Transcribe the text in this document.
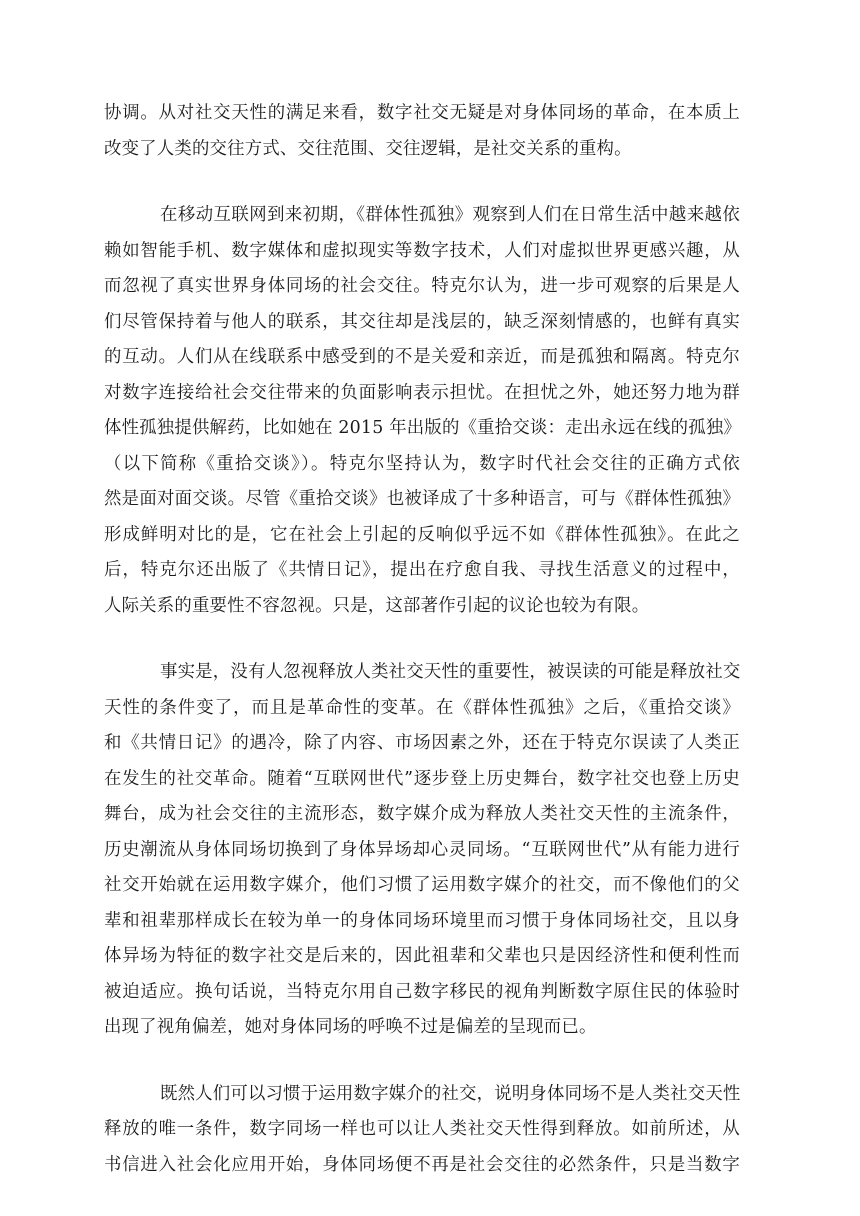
协调。从对社交天性的满足来看，数字社交无疑是对身体同场的革命，在本质上
改变了人类的交往方式、交往范围、交往逻辑，是社交关系的重构。
在移动互联网到来初期，《群体性孤独》观察到人们在日常生活中越来越依
赖如智能手机、数字媒体和虚拟现实等数字技术，人们对虚拟世界更感兴趣，从
而忽视了真实世界身体同场的社会交往。特克尔认为，进一步可观察的后果是人
们尽管保持着与他人的联系，其交往却是浅层的，缺乏深刻情感的，也鲜有真实
的互动。人们从在线联系中感受到的不是关爱和亲近，而是孤独和隔离。特克尔
对数字连接给社会交往带来的负面影响表示担忧。在担忧之外，她还努力地为群
体性孤独提供解药，比如她在 2015 年出版的《重拾交谈：走出永远在线的孤独》
（以下简称《重拾交谈》）。特克尔坚持认为，数字时代社会交往的正确方式依
然是面对面交谈。尽管《重拾交谈》也被译成了十多种语言，可与《群体性孤独》
形成鲜明对比的是，它在社会上引起的反响似乎远不如《群体性孤独》。在此之
后，特克尔还出版了《共情日记》，提出在疗愈自我、寻找生活意义的过程中，
人际关系的重要性不容忽视。只是，这部著作引起的议论也较为有限。
事实是，没有人忽视释放人类社交天性的重要性，被误读的可能是释放社交
天性的条件变了，而且是革命性的变革。在《群体性孤独》之后，《重拾交谈》
和《共情日记》的遇冷，除了内容、市场因素之外，还在于特克尔误读了人类正
在发生的社交革命。随着“互联网世代”逐步登上历史舞台，数字社交也登上历史
舞台，成为社会交往的主流形态，数字媒介成为释放人类社交天性的主流条件，
历史潮流从身体同场切换到了身体异场却心灵同场。“互联网世代”从有能力进行
社交开始就在运用数字媒介，他们习惯了运用数字媒介的社交，而不像他们的父
辈和祖辈那样成长在较为单一的身体同场环境里而习惯于身体同场社交，且以身
体异场为特征的数字社交是后来的，因此祖辈和父辈也只是因经济性和便利性而
被迫适应。换句话说，当特克尔用自己数字移民的视角判断数字原住民的体验时
出现了视角偏差，她对身体同场的呼唤不过是偏差的呈现而已。
既然人们可以习惯于运用数字媒介的社交，说明身体同场不是人类社交天性
释放的唯一条件，数字同场一样也可以让人类社交天性得到释放。如前所述，从
书信进入社会化应用开始，身体同场便不再是社会交往的必然条件，只是当数字
